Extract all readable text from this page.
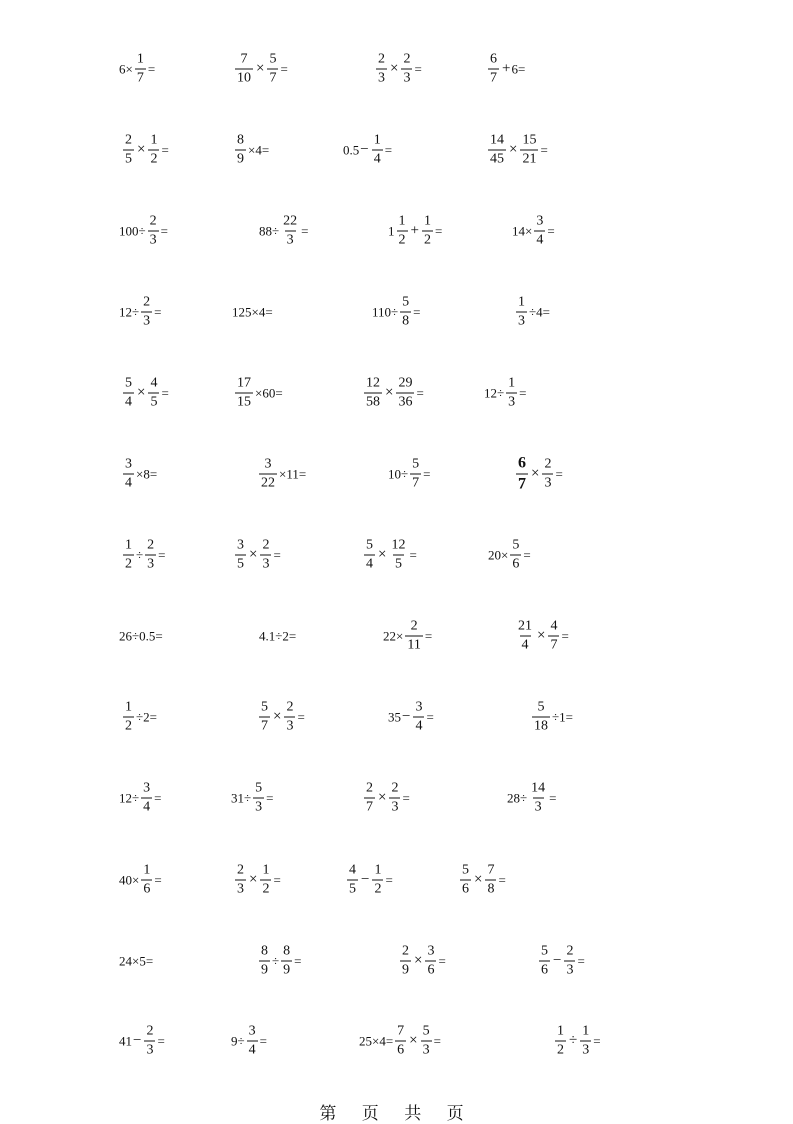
$6\times \frac{1}{7}$ =	$\frac{7}{10} \times \frac{5}{7}$ =	$\frac{2}{3} \times \frac{2}{3}$ =	$\frac{6}{7} + 6=$
$\frac{2}{5} \times \frac{1}{2}$ =	$\frac{8}{9} \times 4=$	$0.5 - \frac{1}{4}$ =	$\frac{14}{45} \times \frac{15}{21}$ =
$100\div \frac{2}{3}$ =	$88\div \frac{22}{3}$ =	$1 \frac{1}{2} + \frac{1}{2}$ =	$14\times \frac{3}{4}$ =
$12\div \frac{2}{3}$ =	125×4=	$110\div \frac{5}{8}$ =	$\frac{1}{3} \div 4=$
$\frac{5}{4} \times \frac{4}{5}$ =	$\frac{17}{15} \times 60=$	$\frac{12}{58} \times \frac{29}{36}$ =	$12\div \frac{1}{3}$ =
$\frac{3}{4} \times 8=$	$\frac{3}{22} \times 11=$	$10\div \frac{5}{7}$ =	$\frac{6}{7} \times \frac{2}{3}$ =
$\frac{1}{2} \div \frac{2}{3}$ =	$\frac{3}{5} \times \frac{2}{3}$ =	$\frac{5}{4} \times \frac{12}{5}$ =	$20\times \frac{5}{6}$ =
26÷0.5=	4.1÷2=	$22\times \frac{2}{11}$ =	$\frac{21}{4} \times \frac{4}{7}$ =
$\frac{1}{2} \div 2=$	$\frac{5}{7} \times \frac{2}{3}$ =	$35 - \frac{3}{4}$ =	$\frac{5}{18} \div 1=$
$12\div \frac{3}{4}$ =	$31\div \frac{5}{3}$ =	$\frac{2}{7} \times \frac{2}{3}$ =	$28\div \frac{14}{3}$ =
$40\times \frac{1}{6}$ =	$\frac{2}{3} \times \frac{1}{2}$ =	$\frac{4}{5} - \frac{1}{2}$ =	$\frac{5}{6} \times \frac{7}{8}$ =
24×5=	$\frac{8}{9} \div \frac{8}{9}$ =	$\frac{2}{9} \times \frac{3}{6}$ =	$\frac{5}{6} - \frac{2}{3}$ =
$41 - \frac{2}{3}$ =	$9\div \frac{3}{4}$ =	$25\times 4= \frac{7}{6} \times \frac{5}{3}$ =	$\frac{1}{2} \div \frac{1}{3}$ =
第 页 共 页
